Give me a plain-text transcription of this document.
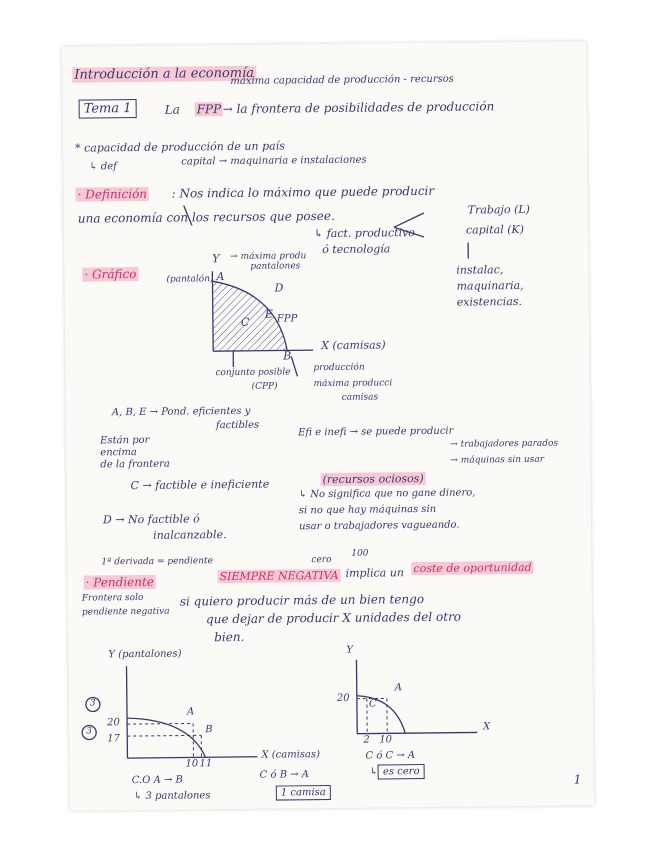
Introducción a la economía
máxima capacidad de producción - recursos
Tema 1	La FPP → la frontera de posibilidades de producción
* capacidad de producción de un país
↳ def	capital → maquinaria e instalaciones
· Definición : Nos indica lo máximo que puede producir
una economía con los recursos que posee.
↳ fact. productivo
ó tecnología
Trabajo (L)
capital (K)
instalac,
maquinaria,
existencias.
· Gráfico
Y
(pantalón) A
→ máxima produ
pantalones
D
C
E FPP
B
X (camisas)
conjunto posible
(CPP)
producción
máxima producci
camisas
A, B, E → Pond. eficientes y
factibles
Están por
encima
de la frontera
Efi e inefi → se puede producir
C → factible e ineficiente	(recursos ociosos)
→ trabajadores parados
→ máquinas sin usar
D → No factible ó
inalcanzable.
↳ No significa que no gane dinero,
si no que hay máquinas sin
usar o trabajadores vagueando.
1ª derivada = pendiente	cero
100
· Pendiente	SIEMPRE NEGATIVA implica un coste de oportunidad
Frontera solo
pendiente negativa
si quiero producir más de un bien tengo
que dejar de producir X unidades del otro
bien.
Y (pantalones)
3
3
20
17
A
B
10 11
X (camisas)
C.O A → B
↳ 3 pantalones
C ó B → A
1 camisa
Y
20
C
A
X
2 10
C ó C → A
↳ es cero
1
